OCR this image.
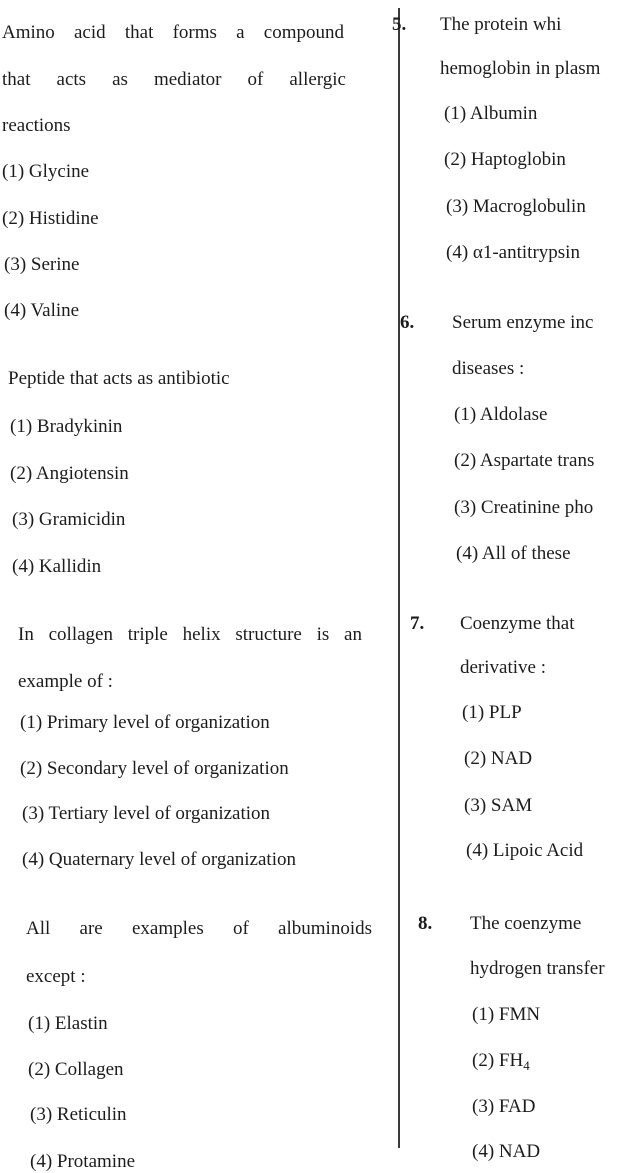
Amino acid that forms a compound
that acts as mediator of allergic
reactions
(1) Glycine
(2) Histidine
(3) Serine
(4) Valine
Peptide that acts as antibiotic
(1) Bradykinin
(2) Angiotensin
(3) Gramicidin
(4) Kallidin
In collagen triple helix structure is an
example of :
(1) Primary level of organization
(2) Secondary level of organization
(3) Tertiary level of organization
(4) Quaternary level of organization
All are examples of albuminoids
except :
(1) Elastin
(2) Collagen
(3) Reticulin
(4) Protamine
5. The protein whi
hemoglobin in plasm
(1) Albumin
(2) Haptoglobin
(3) Macroglobulin
(4) α1-antitrypsin
6. Serum enzyme inc
diseases :
(1) Aldolase
(2) Aspartate trans
(3) Creatinine pho
(4) All of these
7. Coenzyme that
derivative :
(1) PLP
(2) NAD
(3) SAM
(4) Lipoic Acid
8. The coenzyme
hydrogen transfer
(1) FMN
(2) $FH_4$
(3) FAD
(4) NAD
